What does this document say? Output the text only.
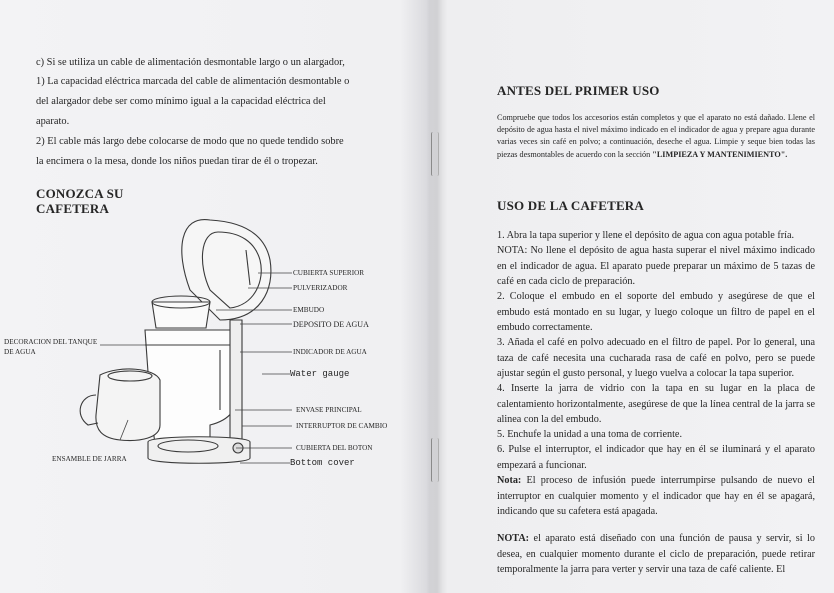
c) Si se utiliza un cable de alimentación desmontable largo o un alargador,

1) La capacidad eléctrica marcada del cable de alimentación desmontable o

del alargador debe ser como mínimo igual a la capacidad eléctrica del

aparato.

2) El cable más largo debe colocarse de modo que no quede tendido sobre

la encimera o la mesa, donde los niños puedan tirar de él o tropezar.

CONOZCA SU
CAFETERA
CUBIERTA SUPERIOR
PULVERIZADOR
EMBUDO
DEPOSITO DE AGUA
DECORACION DEL TANQUE
DE AGUA	INDICADOR DE AGUA
Water gauge
ENVASE PRINCIPAL
INTERRUPTOR DE CAMBIO
CUBIERTA DEL BOTON
Bottom cover
ENSAMBLE DE JARRA
ANTES DEL PRIMER USO

Compruebe que todos los accesorios están completos y que el aparato no está dañado. Llene el depósito de agua hasta el nivel máximo indicado en el indicador de agua y prepare agua durante varias veces sin café en polvo; a continuación, deseche el agua. Limpie y seque bien todas las piezas desmontables de acuerdo con la sección "LIMPIEZA Y MANTENIMIENTO".

USO DE LA CAFETERA

1. Abra la tapa superior y llene el depósito de agua con agua potable fría.

NOTA: No llene el depósito de agua hasta superar el nivel máximo indicado en el indicador de agua. El aparato puede preparar un máximo de 5 tazas de café en cada ciclo de preparación.

2. Coloque el embudo en el soporte del embudo y asegúrese de que el embudo está montado en su lugar, y luego coloque un filtro de papel en el embudo correctamente.

3. Añada el café en polvo adecuado en el filtro de papel. Por lo general, una taza de café necesita una cucharada rasa de café en polvo, pero se puede ajustar según el gusto personal, y luego vuelva a colocar la tapa superior.

4. Inserte la jarra de vidrio con la tapa en su lugar en la placa de calentamiento horizontalmente, asegúrese de que la línea central de la jarra se alinea con la del embudo.

5. Enchufe la unidad a una toma de corriente.

6. Pulse el interruptor, el indicador que hay en él se iluminará y el aparato empezará a funcionar.

Nota: El proceso de infusión puede interrumpirse pulsando de nuevo el interruptor en cualquier momento y el indicador que hay en él se apagará, indicando que su cafetera está apagada.

NOTA: el aparato está diseñado con una función de pausa y servir, si lo desea, en cualquier momento durante el ciclo de preparación, puede retirar temporalmente la jarra para verter y servir una taza de café caliente. El
